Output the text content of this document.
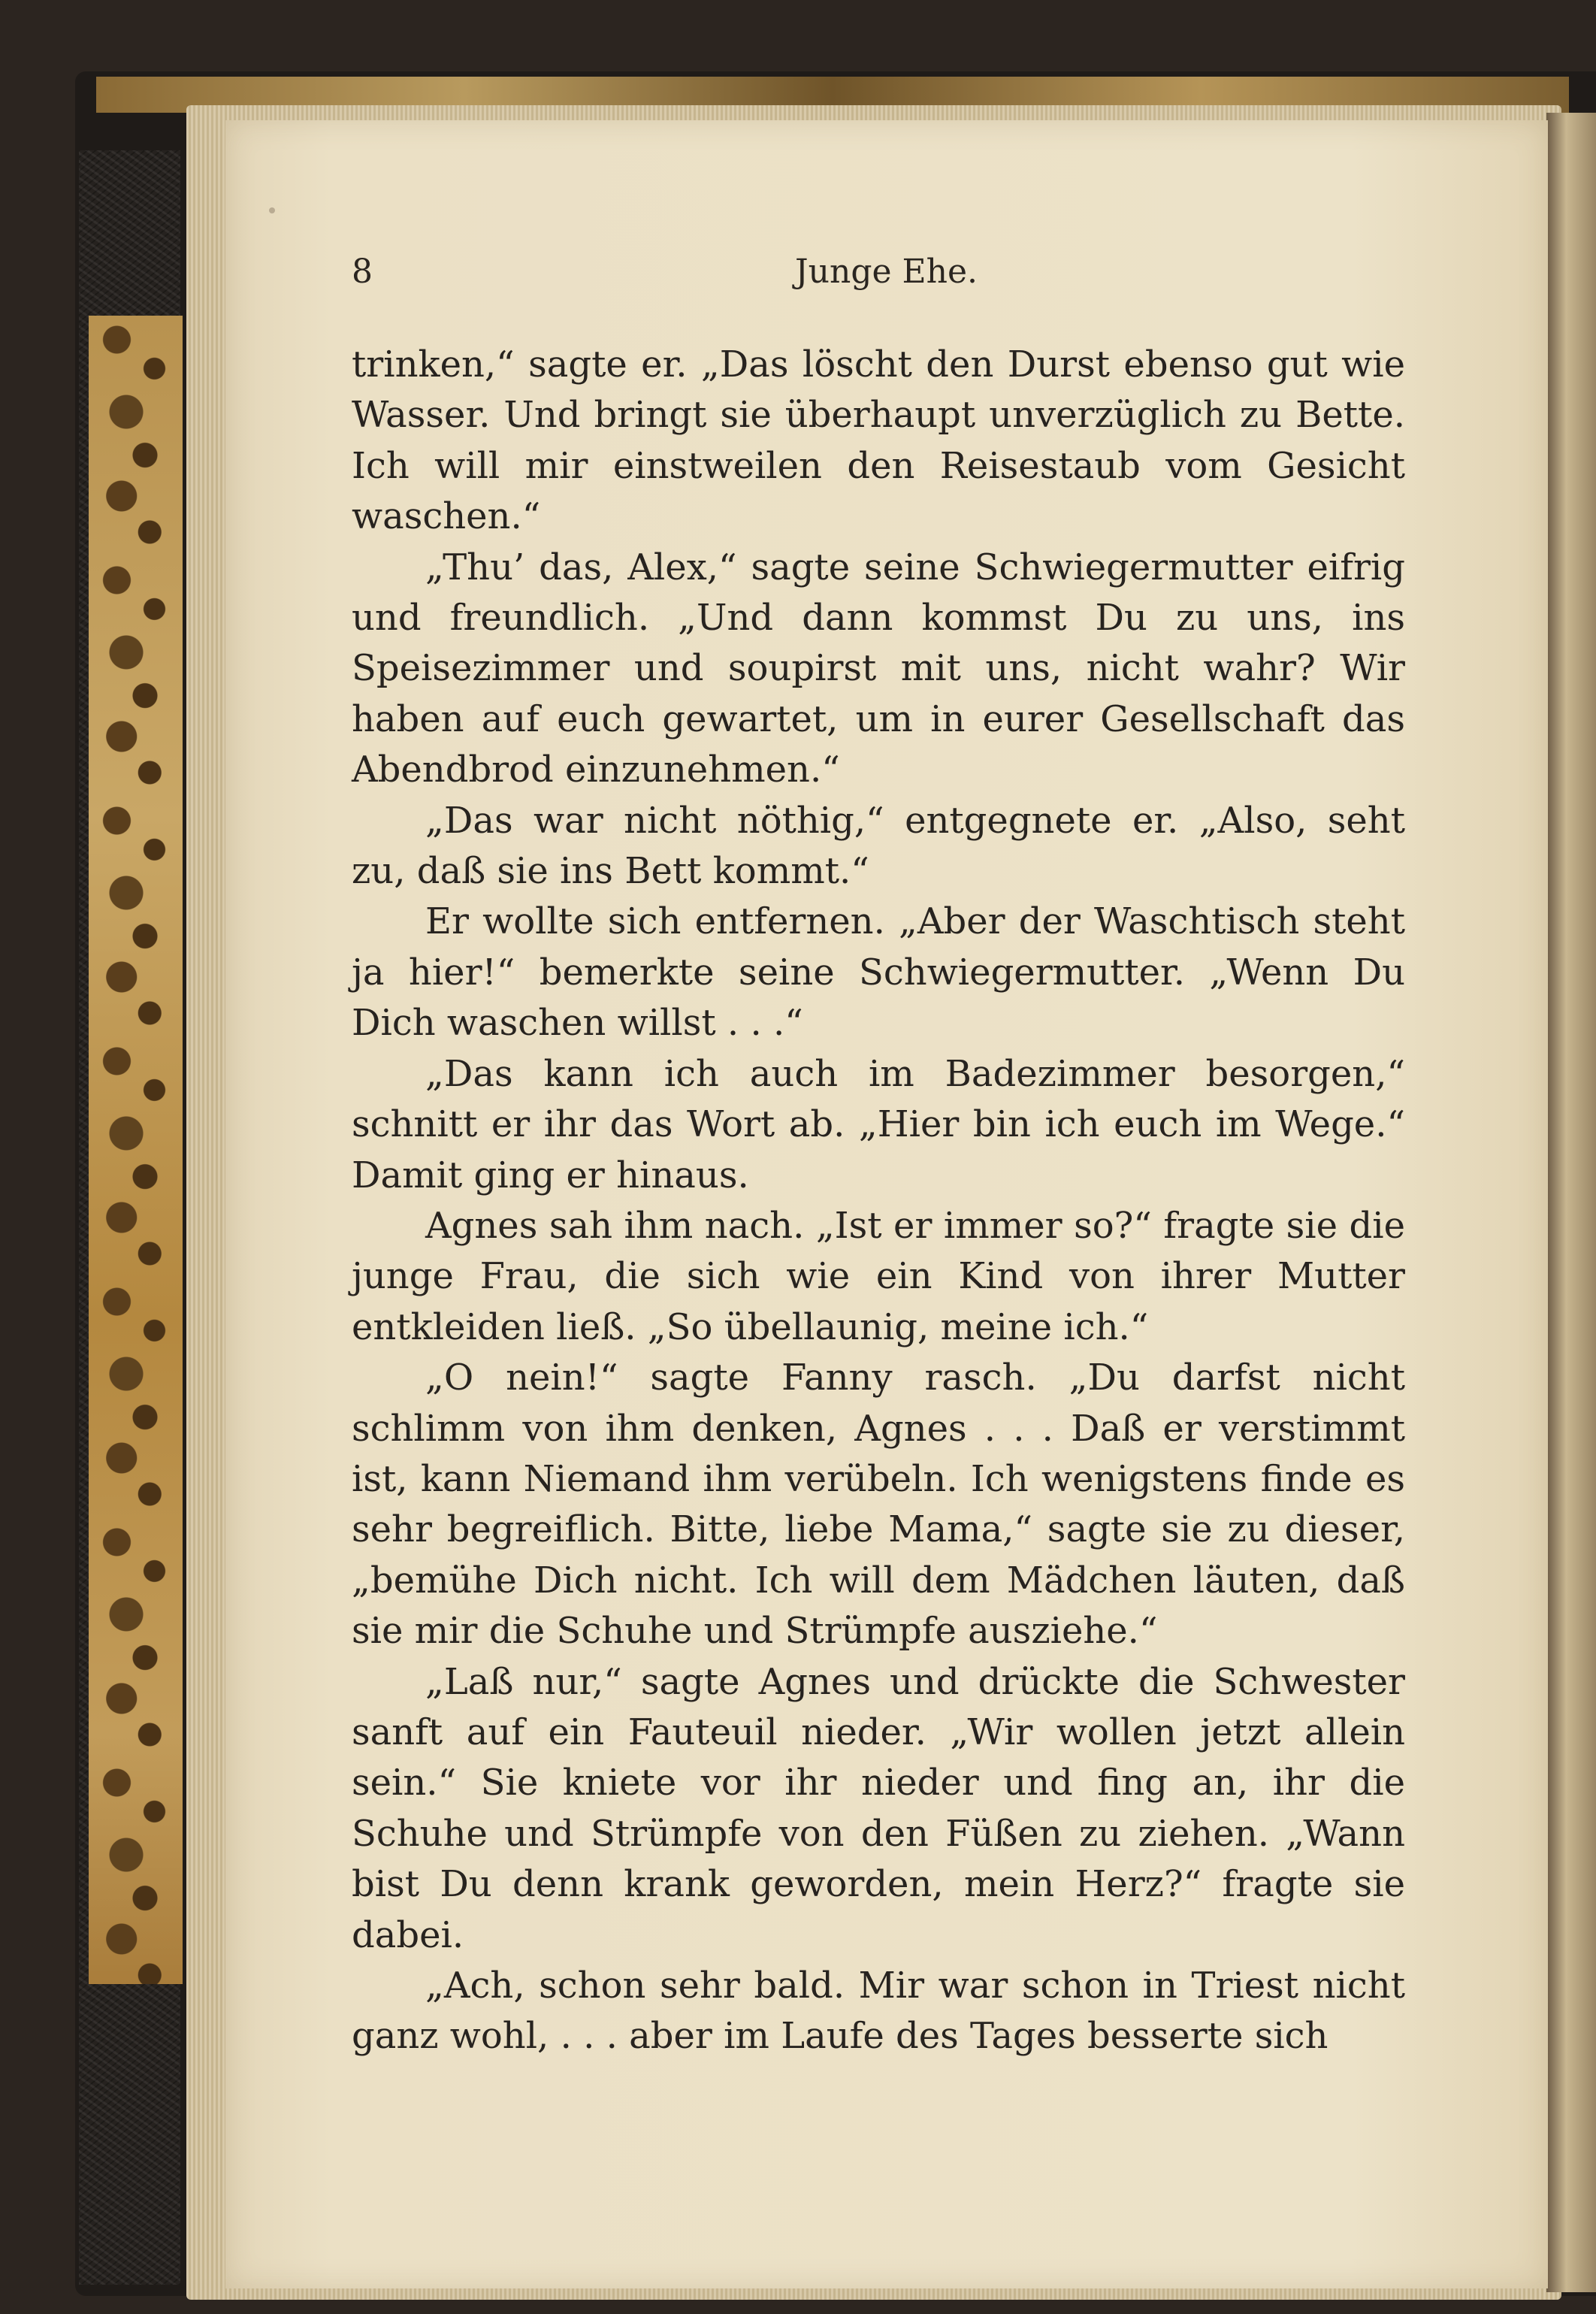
8	Junge Ehe.

trinken,“ sagte er. „Das löscht den Durst ebenso gut wie Wasser. Und bringt sie überhaupt unverzüglich zu Bette. Ich will mir einstweilen den Reisestaub vom Gesicht waschen.“

„Thu’ das, Alex,“ sagte seine Schwiegermutter eifrig und freundlich. „Und dann kommst Du zu uns, ins Speisezimmer und soupirst mit uns, nicht wahr? Wir haben auf euch gewartet, um in eurer Gesellschaft das Abendbrod einzunehmen.“

„Das war nicht nöthig,“ entgegnete er. „Also, seht zu, daß sie ins Bett kommt.“

Er wollte sich entfernen. „Aber der Waschtisch steht ja hier!“ bemerkte seine Schwiegermutter. „Wenn Du Dich waschen willst . . .“

„Das kann ich auch im Badezimmer besorgen,“ schnitt er ihr das Wort ab. „Hier bin ich euch im Wege.“ Damit ging er hinaus.

Agnes sah ihm nach. „Ist er immer so?“ fragte sie die junge Frau, die sich wie ein Kind von ihrer Mutter entkleiden ließ. „So übellaunig, meine ich.“

„O nein!“ sagte Fanny rasch. „Du darfst nicht schlimm von ihm denken, Agnes . . . Daß er verstimmt ist, kann Niemand ihm verübeln. Ich wenigstens finde es sehr begreiflich. Bitte, liebe Mama,“ sagte sie zu dieser, „bemühe Dich nicht. Ich will dem Mädchen läuten, daß sie mir die Schuhe und Strümpfe ausziehe.“

„Laß nur,“ sagte Agnes und drückte die Schwester sanft auf ein Fauteuil nieder. „Wir wollen jetzt allein sein.“ Sie kniete vor ihr nieder und fing an, ihr die Schuhe und Strümpfe von den Füßen zu ziehen. „Wann bist Du denn krank geworden, mein Herz?“ fragte sie dabei.

„Ach, schon sehr bald. Mir war schon in Triest nicht ganz wohl, . . . aber im Laufe des Tages besserte sich
